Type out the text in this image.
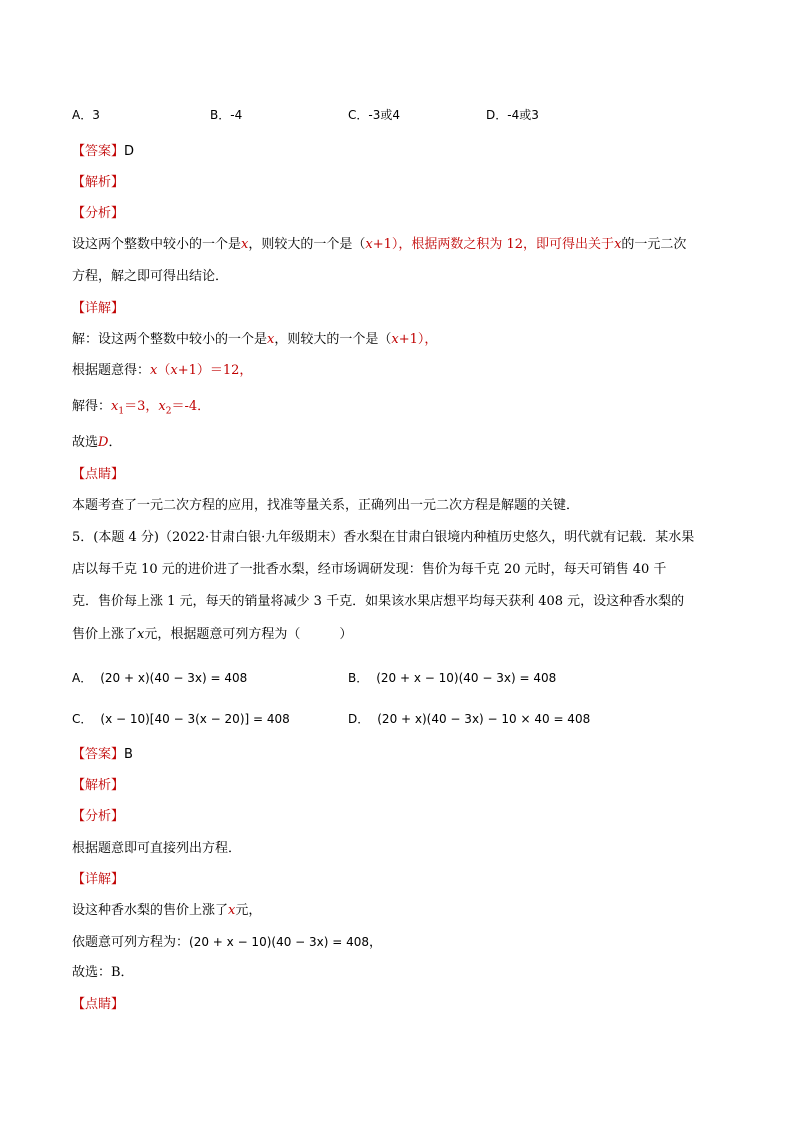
A．3	B．-4	C．-3或4	D．-4或3
【答案】D
【解析】
【分析】
设这两个整数中较小的一个是x，则较大的一个是（x+1），根据两数之积为 12，即可得出关于x的一元二次
方程，解之即可得出结论．
【详解】
解：设这两个整数中较小的一个是x，则较大的一个是（x+1），
根据题意得：x（x+1）＝12，
解得：$x_1=3$，$x_2=-4$．
故选D．
【点睛】
本题考查了一元二次方程的应用，找准等量关系，正确列出一元二次方程是解题的关键．
5．(本题 4 分)（2022·甘肃白银·九年级期末）香水梨在甘肃白银境内种植历史悠久，明代就有记载．某水果
店以每千克 10 元的进价进了一批香水梨，经市场调研发现：售价为每千克 20 元时，每天可销售 40 千
克．售价每上涨 1 元，每天的销量将减少 3 千克．如果该水果店想平均每天获利 408 元，设这种香水梨的
售价上涨了x元，根据题意可列方程为（　　　）
A． (20 + x)(40 − 3x) = 408	B． (20 + x − 10)(40 − 3x) = 408
C． (x − 10)[40 − 3(x − 20)] = 408	D． (20 + x)(40 − 3x) − 10 × 40 = 408
【答案】B
【解析】
【分析】
根据题意即可直接列出方程．
【详解】
设这种香水梨的售价上涨了x元，
依题意可列方程为：(20 + x − 10)(40 − 3x) = 408，
故选：B．
【点睛】
